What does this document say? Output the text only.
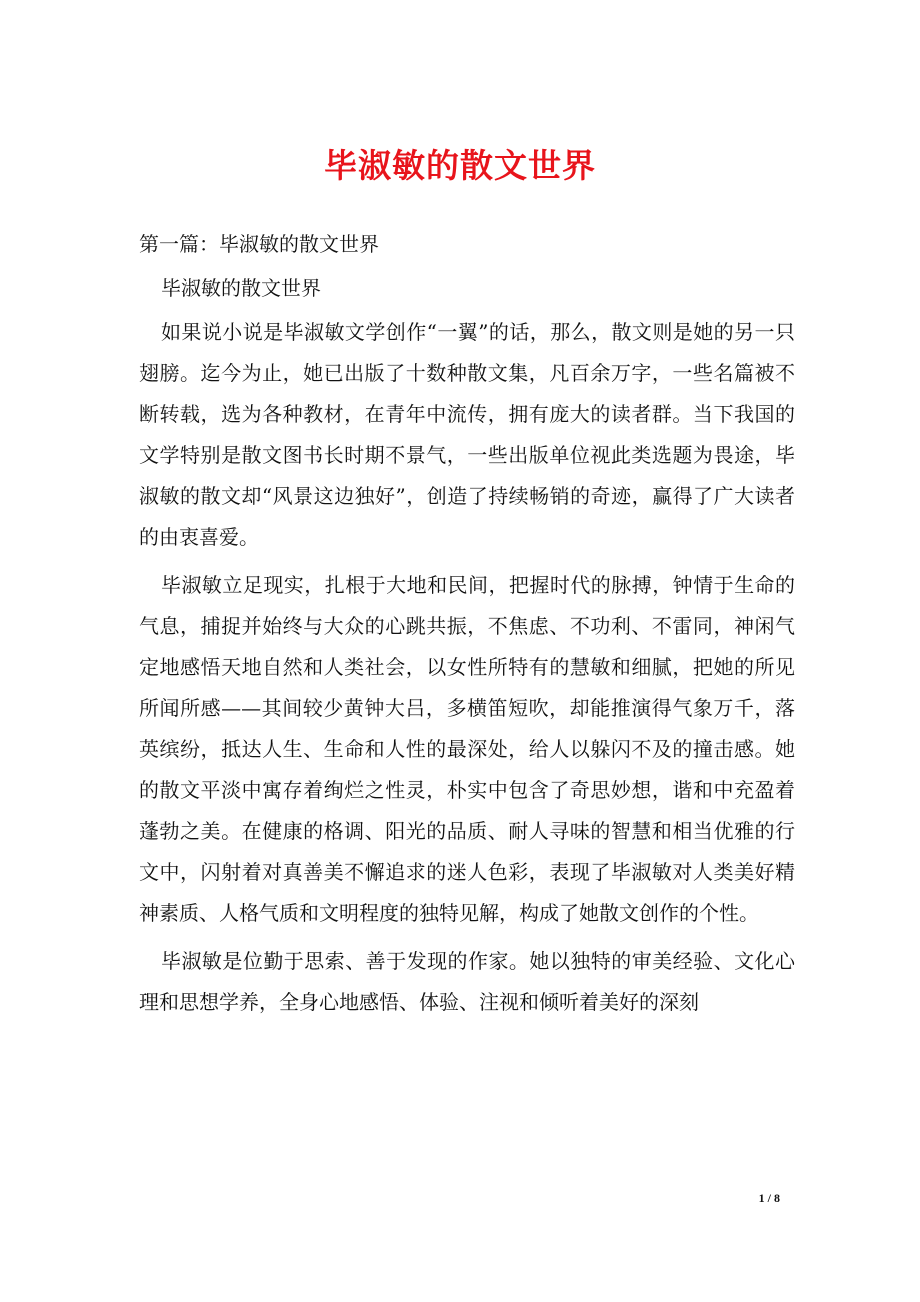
毕淑敏的散文世界

第一篇：毕淑敏的散文世界

毕淑敏的散文世界

如果说小说是毕淑敏文学创作“一翼”的话，那么，散文则是她的另一只翅膀。迄今为止，她已出版了十数种散文集，凡百余万字，一些名篇被不断转载，选为各种教材，在青年中流传，拥有庞大的读者群。当下我国的文学特别是散文图书长时期不景气，一些出版单位视此类选题为畏途，毕淑敏的散文却“风景这边独好”，创造了持续畅销的奇迹，赢得了广大读者的由衷喜爱。

毕淑敏立足现实，扎根于大地和民间，把握时代的脉搏，钟情于生命的气息，捕捉并始终与大众的心跳共振，不焦虑、不功利、不雷同，神闲气定地感悟天地自然和人类社会，以女性所特有的慧敏和细腻，把她的所见所闻所感——其间较少黄钟大吕，多横笛短吹，却能推演得气象万千，落英缤纷，抵达人生、生命和人性的最深处，给人以躲闪不及的撞击感。她的散文平淡中寓存着绚烂之性灵，朴实中包含了奇思妙想，谐和中充盈着蓬勃之美。在健康的格调、阳光的品质、耐人寻味的智慧和相当优雅的行文中，闪射着对真善美不懈追求的迷人色彩，表现了毕淑敏对人类美好精神素质、人格气质和文明程度的独特见解，构成了她散文创作的个性。

毕淑敏是位勤于思索、善于发现的作家。她以独特的审美经验、文化心理和思想学养，全身心地感悟、体验、注视和倾听着美好的深刻

1 / 8
